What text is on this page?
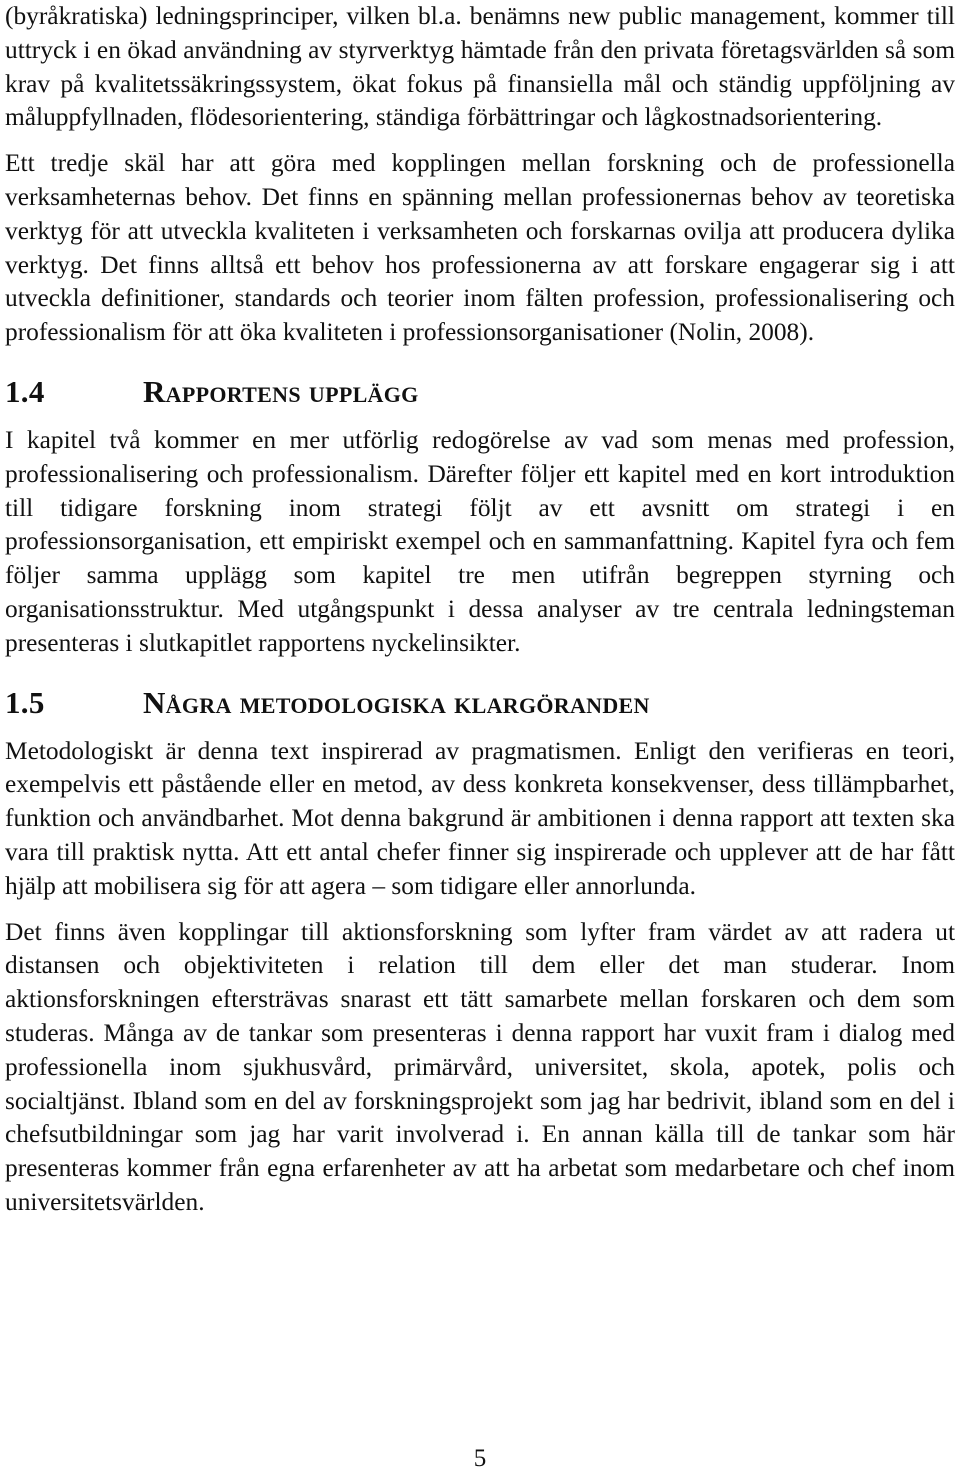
(byråkratiska) ledningsprinciper, vilken bl.a. benämns new public management, kommer till uttryck i en ökad användning av styrverktyg hämtade från den privata företagsvärlden så som krav på kvalitetssäkringssystem, ökat fokus på finansiella mål och ständig uppföljning av måluppfyllnaden, flödesorientering, ständiga förbättringar och lågkostnadsorientering.

Ett tredje skäl har att göra med kopplingen mellan forskning och de professionella verksamheternas behov. Det finns en spänning mellan professionernas behov av teoretiska verktyg för att utveckla kvaliteten i verksamheten och forskarnas ovilja att producera dylika verktyg. Det finns alltså ett behov hos professionerna av att forskare engagerar sig i att utveckla definitioner, standards och teorier inom fälten profession, professionalisering och professionalism för att öka kvaliteten i professionsorganisationer (Nolin, 2008).

1.4	Rapportens upplägg

I kapitel två kommer en mer utförlig redogörelse av vad som menas med profession, professionalisering och professionalism. Därefter följer ett kapitel med en kort introduktion till tidigare forskning inom strategi följt av ett avsnitt om strategi i en professionsorganisation, ett empiriskt exempel och en sammanfattning. Kapitel fyra och fem följer samma upplägg som kapitel tre men utifrån begreppen styrning och organisationsstruktur. Med utgångspunkt i dessa analyser av tre centrala ledningsteman presenteras i slutkapitlet rapportens nyckelinsikter.

1.5	Några metodologiska klargöranden

Metodologiskt är denna text inspirerad av pragmatismen. Enligt den verifieras en teori, exempelvis ett påstående eller en metod, av dess konkreta konsekvenser, dess tillämpbarhet, funktion och användbarhet. Mot denna bakgrund är ambitionen i denna rapport att texten ska vara till praktisk nytta. Att ett antal chefer finner sig inspirerade och upplever att de har fått hjälp att mobilisera sig för att agera – som tidigare eller annorlunda.

Det finns även kopplingar till aktionsforskning som lyfter fram värdet av att radera ut distansen och objektiviteten i relation till dem eller det man studerar. Inom aktionsforskningen eftersträvas snarast ett tätt samarbete mellan forskaren och dem som studeras. Många av de tankar som presenteras i denna rapport har vuxit fram i dialog med professionella inom sjukhusvård, primärvård, universitet, skola, apotek, polis och socialtjänst. Ibland som en del av forskningsprojekt som jag har bedrivit, ibland som en del i chefsutbildningar som jag har varit involverad i. En annan källa till de tankar som här presenteras kommer från egna erfarenheter av att ha arbetat som medarbetare och chef inom universitetsvärlden.

5
